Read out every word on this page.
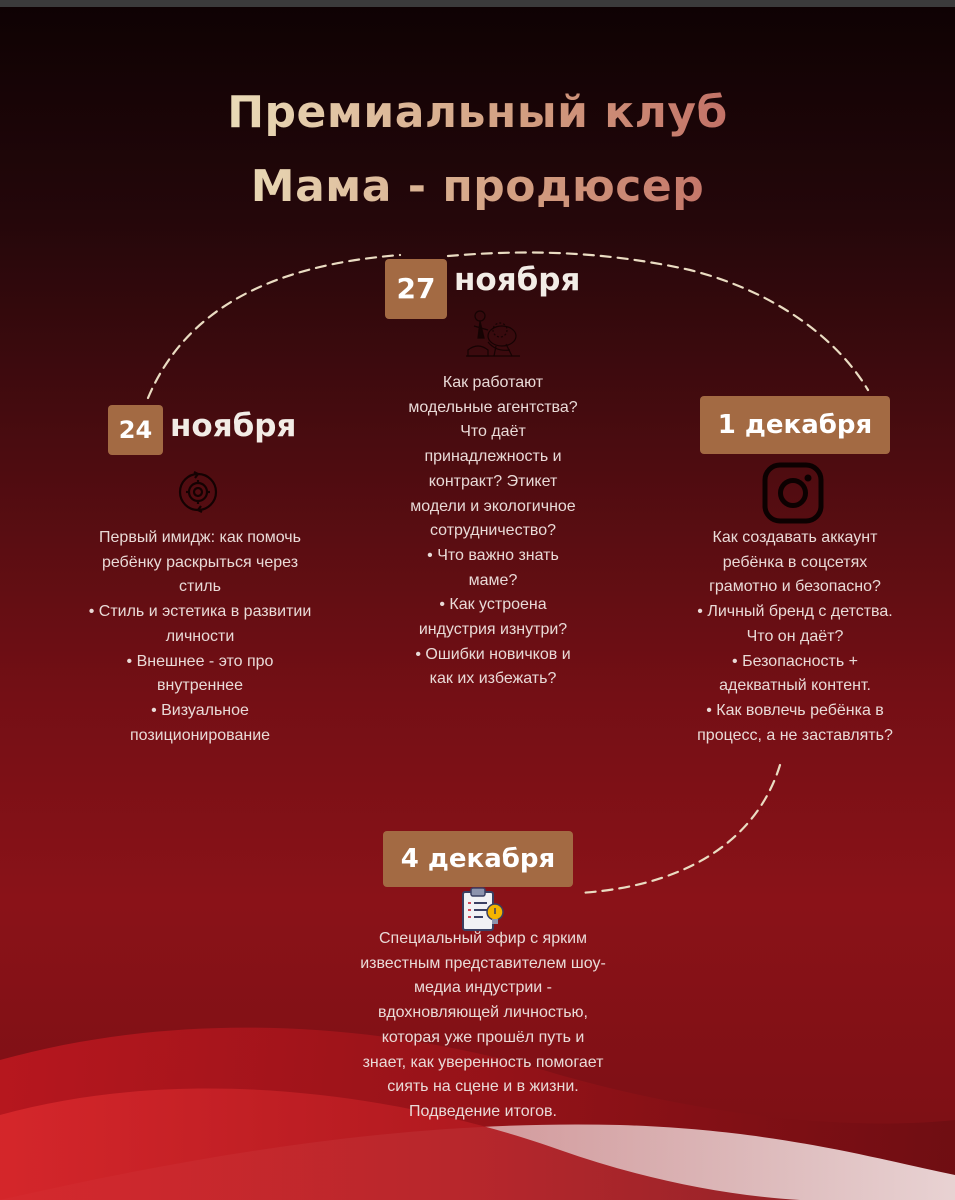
Премиальный клуб
Мама - продюсер
24 ноября
Первый имидж: как помочь
ребёнку раскрыться через
стиль
• Стиль и эстетика в развитии
личности
• Внешнее - это про
внутреннее
• Визуальное
позиционирование
27 ноября
Как работают
модельные агентства?
Что даёт
принадлежность и
контракт? Этикет
модели и экологичное
сотрудничество?
• Что важно знать
маме?
• Как устроена
индустрия изнутри?
• Ошибки новичков и
как их избежать?
1 декабря
Как создавать аккаунт
ребёнка в соцсетях
грамотно и безопасно?
• Личный бренд с детства.
Что он даёт?
• Безопасность +
адекватный контент.
• Как вовлечь ребёнка в
процесс, а не заставлять?
4 декабря
Специальный эфир с ярким
известным представителем шоу-
медиа индустрии -
вдохновляющей личностью,
которая уже прошёл путь и
знает, как уверенность помогает
сиять на сцене и в жизни.
Подведение итогов.
